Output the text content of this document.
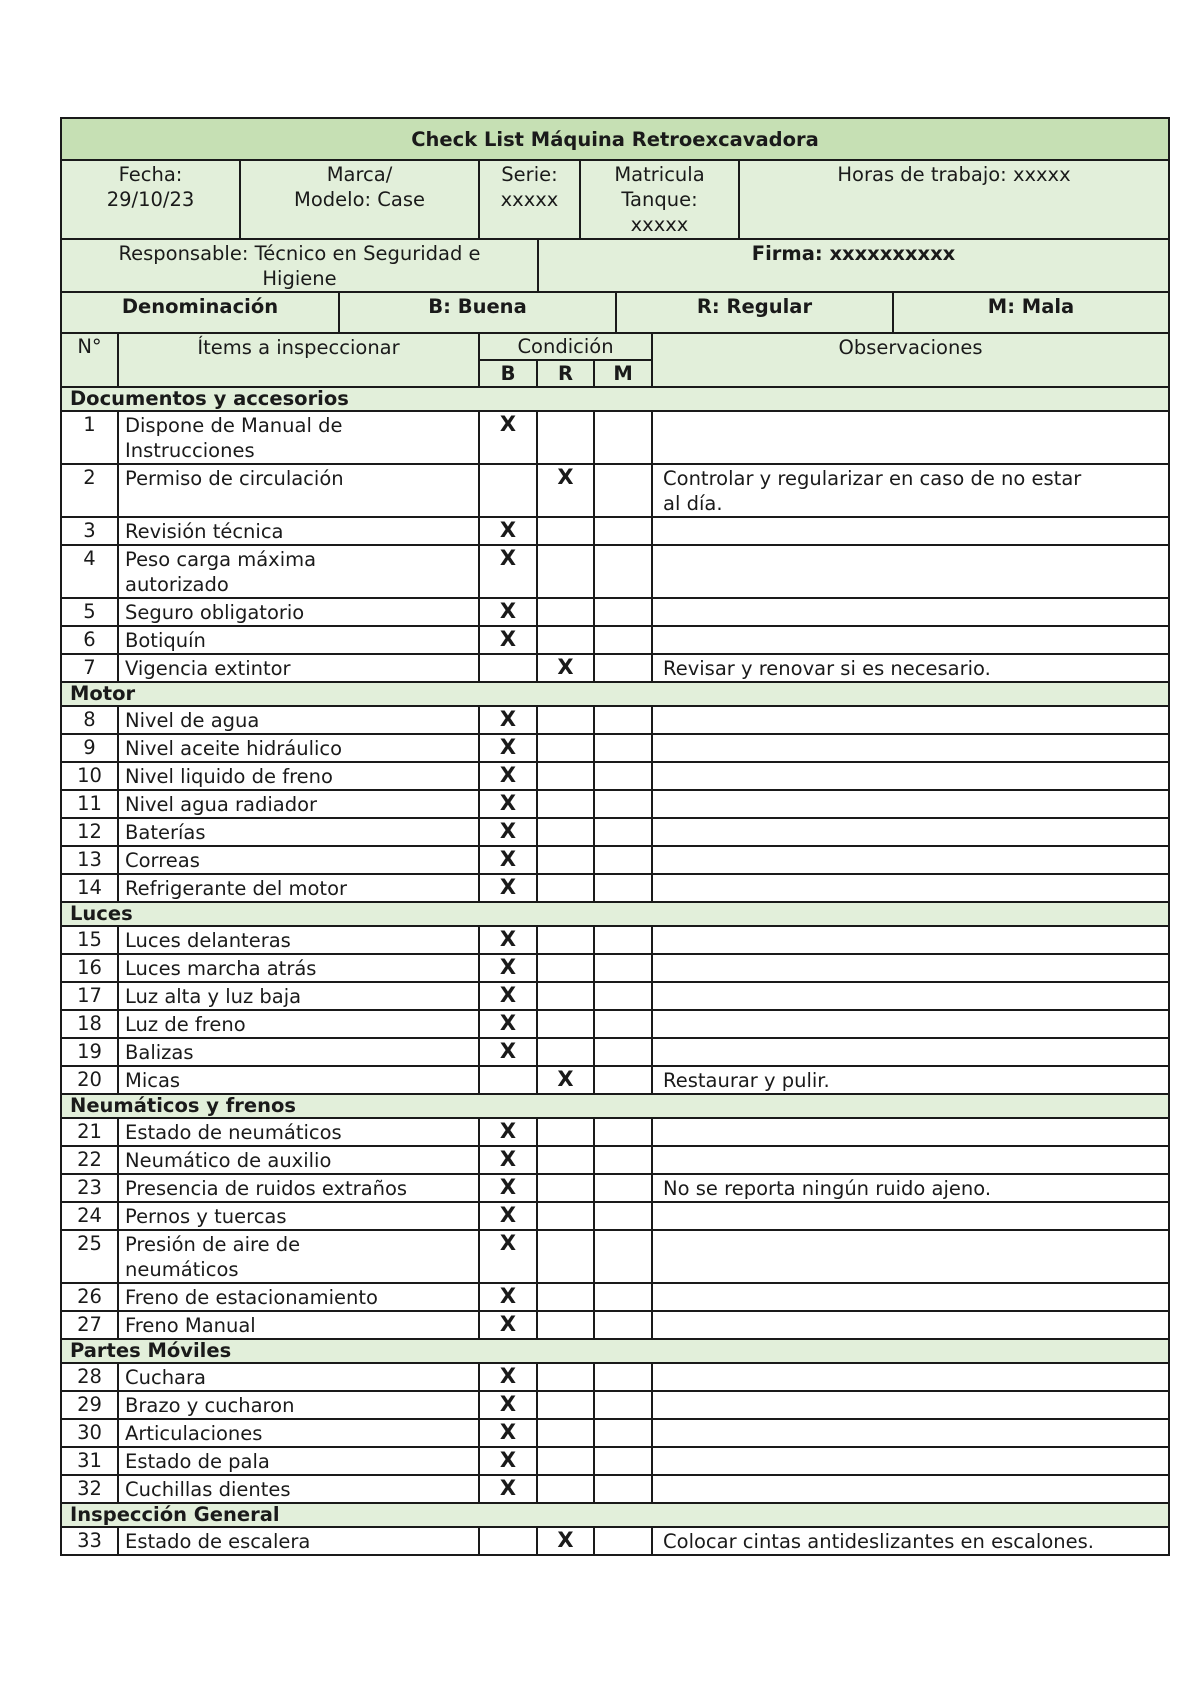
Check List Máquina Retroexcavadora

Fecha:
29/10/23

Marca/
Modelo: Case

Serie:
xxxxx

Matricula
Tanque:
xxxxx
	Horas de trabajo: xxxxx
Responsable: Técnico en Seguridad e
Higiene
	Firma: xxxxxxxxxx
Denominación	B: Buena	R: Regular	M: Mala
N°	Ítems a inspeccionar	Condición			Observaciones
		B	R	M	
Documentos y accesorios					
1	Dispone de Manual de
Instrucciones	X			
2	Permiso de circulación		X		Controlar y regularizar en caso de no estar
al día.

3	Revisión técnica	X			
4	Peso carga máxima
autorizado	X			
5	Seguro obligatorio	X			
6	Botiquín	X			
7	Vigencia extintor		X		Revisar y renovar si es necesario.

Motor					
8	Nivel de agua	X			
9	Nivel aceite hidráulico	X			
10	Nivel liquido de freno	X			
11	Nivel agua radiador	X			
12	Baterías	X			
13	Correas	X			
14	Refrigerante del motor	X			
Luces					
15	Luces delanteras	X			
16	Luces marcha atrás	X			
17	Luz alta y luz baja	X			
18	Luz de freno	X			
19	Balizas	X			
20	Micas		X		Restaurar y pulir.

Neumáticos y frenos					
21	Estado de neumáticos	X			
22	Neumático de auxilio	X			
23	Presencia de ruidos extraños	X			No se reporta ningún ruido ajeno.

24	Pernos y tuercas	X			
25	Presión de aire de
neumáticos	X			
26	Freno de estacionamiento	X			
27	Freno Manual	X			
Partes Móviles					
28	Cuchara	X			
29	Brazo y cucharon	X			
30	Articulaciones	X			
31	Estado de pala	X			
32	Cuchillas dientes	X			
Inspección General					
33	Estado de escalera		X		Colocar cintas antideslizantes en escalones.
